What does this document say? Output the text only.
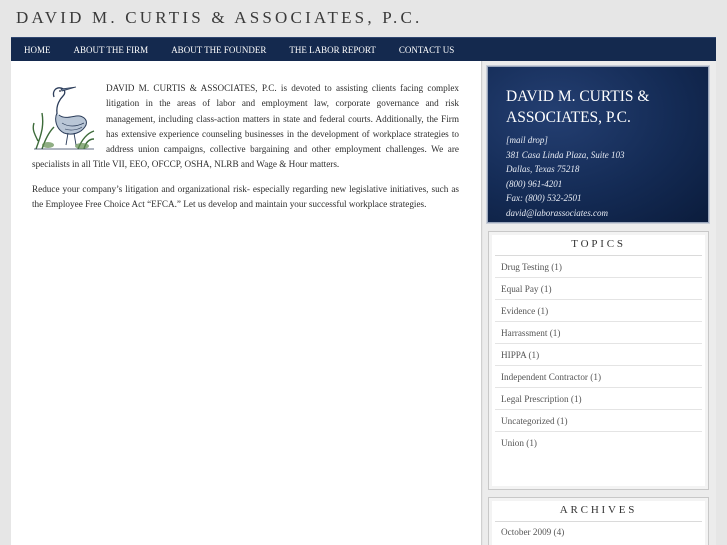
DAVID M. CURTIS & ASSOCIATES, P.C.
HOME	ABOUT THE FIRM	ABOUT THE FOUNDER	THE LABOR REPORT	CONTACT US
DAVID M. CURTIS & ASSOCIATES, P.C. is devoted to assisting clients facing complex litigation in the areas of labor and employment law, corporate governance and risk management, including class-action matters in state and federal courts. Additionally, the Firm has extensive experience counseling businesses in the development of workplace strategies to address union campaigns, collective bargaining and other employment challenges. We are specialists in all Title VII, EEO, OFCCP, OSHA, NLRB and Wage & Hour matters.

Reduce your company’s litigation and organizational risk- especially regarding new legislative initiatives, such as the Employee Free Choice Act “EFCA.” Let us develop and maintain your successful workplace strategies.

DAVID M. CURTIS &
ASSOCIATES, P.C.
[mail drop]
381 Casa Linda Plaza, Suite 103
Dallas, Texas 75218
(800) 961-4201
Fax: (800) 532-2501
david@laborassociates.com
TOPICS
Drug Testing (1)
Equal Pay (1)
Evidence (1)
Harrassment (1)
HIPPA (1)
Independent Contractor (1)
Legal Prescription (1)
Uncategorized (1)
Union (1)
ARCHIVES
October 2009 (4)
